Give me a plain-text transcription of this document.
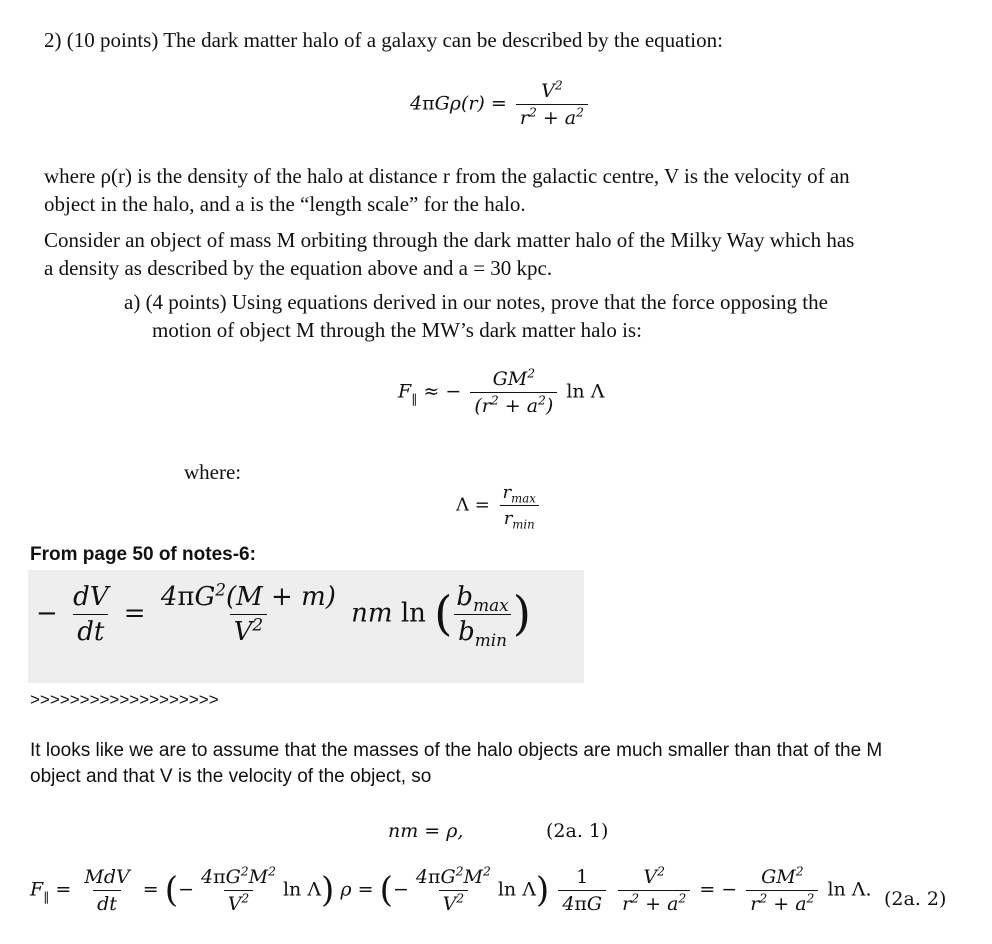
2) (10 points) The dark matter halo of a galaxy can be described by the equation:
$4\pi G\rho(r) = \frac{V^2}{r^2 + a^2}$
where ρ(r) is the density of the halo at distance r from the galactic centre, V is the velocity of an
object in the halo, and a is the “length scale” for the halo.
Consider an object of mass M orbiting through the dark matter halo of the Milky Way which has
a density as described by the equation above and a = 30 kpc.
a) (4 points) Using equations derived in our notes, prove that the force opposing the
motion of object M through the MW’s dark matter halo is:
$F_‖$ ≈ − $\frac{GM^2}{(r^2 + a^2)}$ ln Λ
where:
$\Lambda = \frac{r_{max}}{r_{min}}$
From page 50 of notes-6:
− $\frac{dV}{dt} = \frac{4\pi G^2(M + m)}{V^2}$ nm ln ( $\frac{b_{max}}{b_{min}}$ )
>>>>>>>>>>>>>>>>>>>
It looks like we are to assume that the masses of the halo objects are much smaller than that of the M
object and that V is the velocity of the object, so
nm = ρ,	(2a. 1)
$F_‖ = \frac{\text{MdV}}{dt}$ = (− $\frac{4\pi G^2M^2}{V^2}$ ln Λ) ρ = (− $\frac{4\pi G^2M^2}{V^2}$ $\ln \Lambda) \frac{1}{4\pi G}$
$\frac{V^2}{r^2 + a^2}$ = − $\frac{GM^2}{r^2 + a^2}$ ln Λ. (2a. 2)
